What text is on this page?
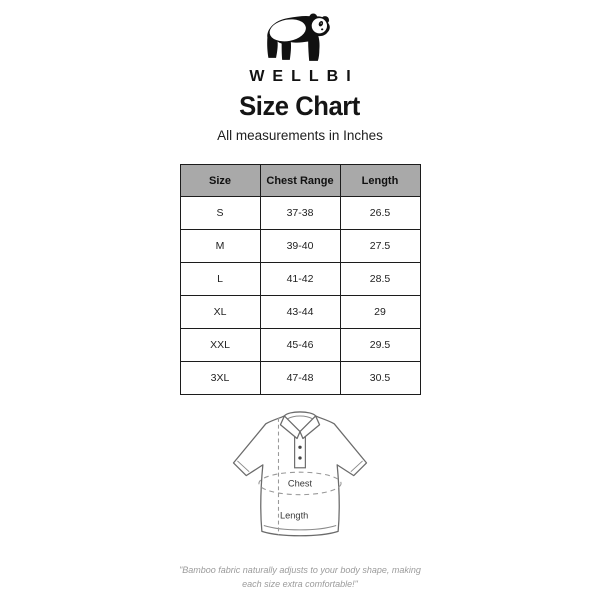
WELLBI
Size Chart
All measurements in Inches
Size	Chest Range	Length
S	37-38	26.5
M	39-40	27.5
L	41-42	28.5
XL	43-44	29
XXL	45-46	29.5
3XL	47-48	30.5
Chest
Length
"Bamboo fabric naturally adjusts to your body shape, making
each size extra comfortable!"
